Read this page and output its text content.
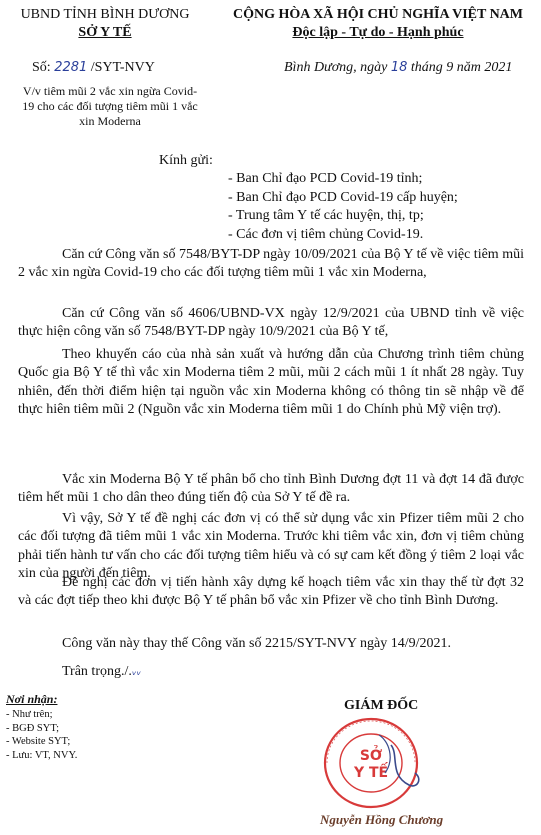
UBND TỈNH BÌNH DƯƠNG
SỞ Y TẾ
CỘNG HÒA XÃ HỘI CHỦ NGHĨA VIỆT NAM
Độc lập - Tự do - Hạnh phúc
Số: 2281 /SYT-NVY	Bình Dương, ngày 18 tháng 9 năm 2021
V/v tiêm mũi 2 vắc xin ngừa Covid-19 cho các đối tượng tiêm mũi 1 vắc xin Moderna
Kính gửi:
- Ban Chỉ đạo PCD Covid-19 tỉnh;
- Ban Chỉ đạo PCD Covid-19 cấp huyện;
- Trung tâm Y tế các huyện, thị, tp;
- Các đơn vị tiêm chủng Covid-19.
Căn cứ Công văn số 7548/BYT-DP ngày 10/09/2021 của Bộ Y tế về việc tiêm mũi 2 vắc xin ngừa Covid-19 cho các đối tượng tiêm mũi 1 vắc xin Moderna,
Căn cứ Công văn số 4606/UBND-VX ngày 12/9/2021 của UBND tỉnh về việc thực hiện công văn số 7548/BYT-DP ngày 10/9/2021 của Bộ Y tế,
Theo khuyến cáo của nhà sản xuất và hướng dẫn của Chương trình tiêm chủng Quốc gia Bộ Y tế thì vắc xin Moderna tiêm 2 mũi, mũi 2 cách mũi 1 ít nhất 28 ngày. Tuy nhiên, đến thời điểm hiện tại nguồn vắc xin Moderna không có thông tin sẽ nhập về để thực hiên tiêm mũi 2 (Nguồn vắc xin Moderna tiêm mũi 1 do Chính phủ Mỹ viện trợ).
Vắc xin Moderna Bộ Y tế phân bổ cho tỉnh Bình Dương đợt 11 và đợt 14 đã được tiêm hết mũi 1 cho dân theo đúng tiến độ của Sở Y tế đề ra.
Vì vậy, Sở Y tế đề nghị các đơn vị có thể sử dụng vắc xin Pfizer tiêm mũi 2 cho các đối tượng đã tiêm mũi 1 vắc xin Moderna. Trước khi tiêm vắc xin, đơn vị tiêm chủng phải tiến hành tư vấn cho các đối tượng tiêm hiểu và có sự cam kết đồng ý tiêm 2 loại vắc xin của người đến tiêm.
Đề nghị các đơn vị tiến hành xây dựng kế hoạch tiêm vắc xin thay thế từ đợt 32 và các đợt tiếp theo khi được Bộ Y tế phân bổ vắc xin Pfizer về cho tỉnh Bình Dương.
Công văn này thay thế Công văn số 2215/SYT-NVY ngày 14/9/2021.
Trân trọng./.ᵥᵥ
Nơi nhận:
- Như trên;
- BGĐ SYT;
- Website SYT;
- Lưu: VT, NVY.
GIÁM ĐỐC
SỞ
Y TẾ
Nguyễn Hồng Chương
